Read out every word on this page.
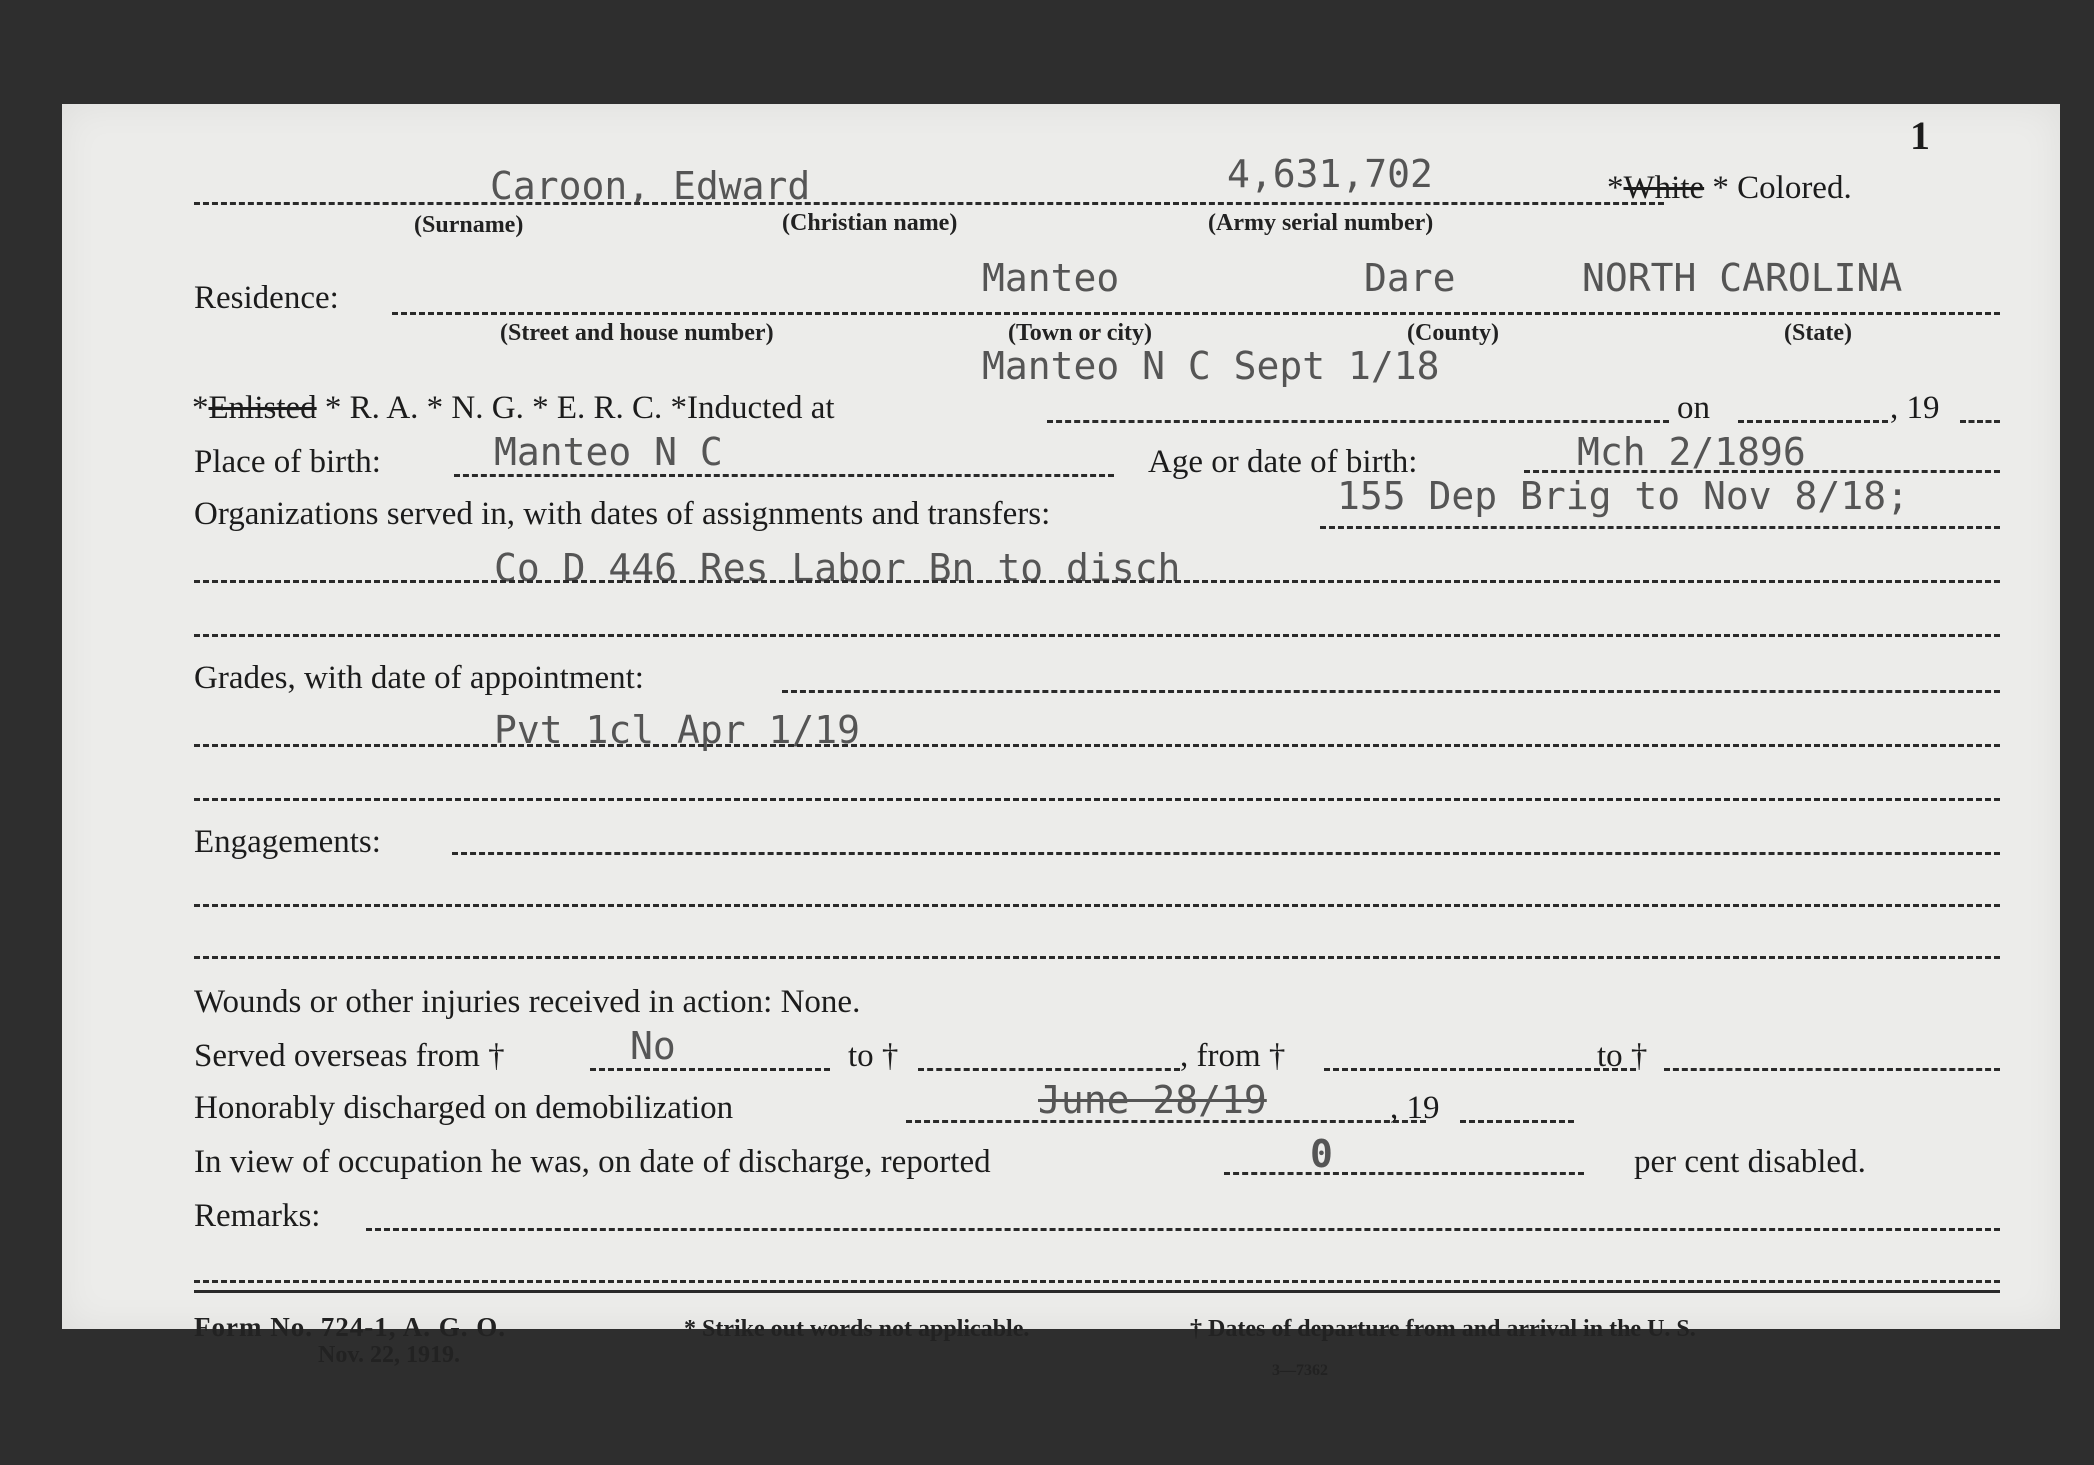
1
Caroon, Edward	4,631,702	*White * Colored.
(Surname)	(Christian name)	(Army serial number)
Residence:	Manteo	Dare	NORTH CAROLINA
(Street and house number)	(Town or city)	(County)	(State)
Manteo N C Sept 1/18
*Enlisted * R. A. * N. G. * E. R. C. *Inducted at	on	, 19
Place of birth:	Manteo N C	Age or date of birth:	Mch 2/1896
Organizations served in, with dates of assignments and transfers:	155 Dep Brig to Nov 8/18;
Co D 446 Res Labor Bn to disch
Grades, with date of appointment:
Pvt 1cl Apr 1/19
Engagements:
Wounds or other injuries received in action: None.
Served overseas from †	No	to †	, from †	to †
Honorably discharged on demobilization	June 28/19	, 19
In view of occupation he was, on date of discharge, reported	0	per cent disabled.
Remarks:
Form No. 724-1, A. G. O.
Nov. 22, 1919.
* Strike out words not applicable.	† Dates of departure from and arrival in the U. S.
3—7362
